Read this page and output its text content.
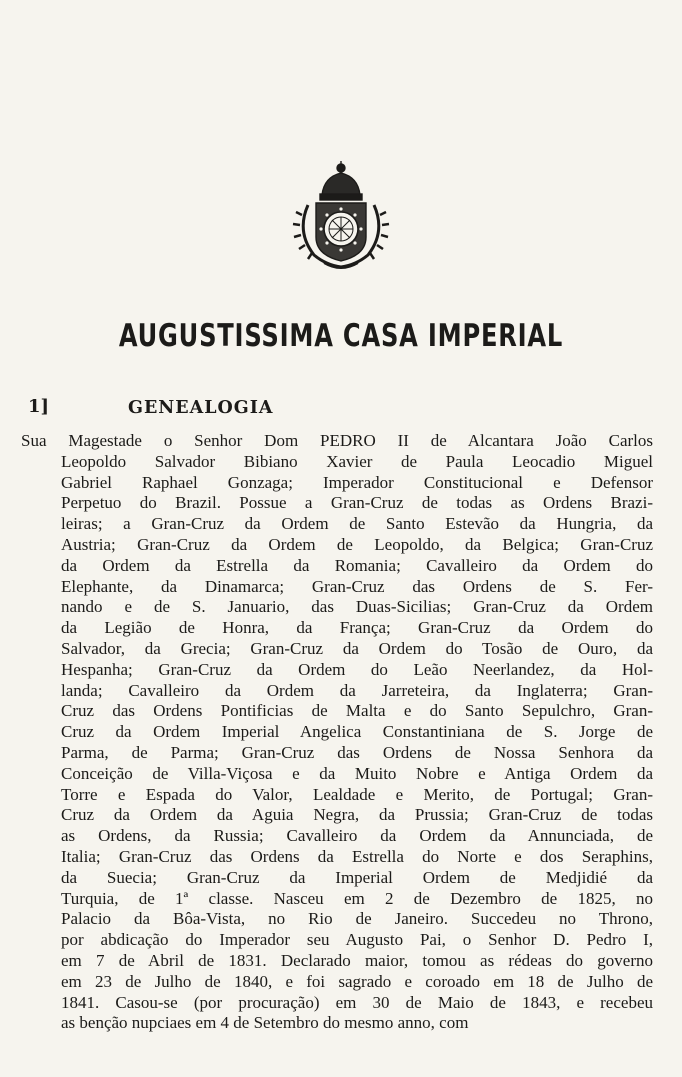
AUGUSTISSIMA CASA IMPERIAL
1]	GENEALOGIA
Sua Magestade o Senhor Dom PEDRO II de Alcantara João Carlos
Leopoldo Salvador Bibiano Xavier de Paula Leocadio Miguel
Gabriel Raphael Gonzaga; Imperador Constitucional e Defensor
Perpetuo do Brazil. Possue a Gran-Cruz de todas as Ordens Brazi-
leiras; a Gran-Cruz da Ordem de Santo Estevão da Hungria, da
Austria; Gran-Cruz da Ordem de Leopoldo, da Belgica; Gran-Cruz
da Ordem da Estrella da Romania; Cavalleiro da Ordem do
Elephante, da Dinamarca; Gran-Cruz das Ordens de S. Fer-
nando e de S. Januario, das Duas-Sicilias; Gran-Cruz da Ordem
da Legião de Honra, da França; Gran-Cruz da Ordem do
Salvador, da Grecia; Gran-Cruz da Ordem do Tosão de Ouro, da
Hespanha; Gran-Cruz da Ordem do Leão Neerlandez, da Hol-
landa; Cavalleiro da Ordem da Jarreteira, da Inglaterra; Gran-
Cruz das Ordens Pontificias de Malta e do Santo Sepulchro, Gran-
Cruz da Ordem Imperial Angelica Constantiniana de S. Jorge de
Parma, de Parma; Gran-Cruz das Ordens de Nossa Senhora da
Conceição de Villa-Viçosa e da Muito Nobre e Antiga Ordem da
Torre e Espada do Valor, Lealdade e Merito, de Portugal; Gran-
Cruz da Ordem da Aguia Negra, da Prussia; Gran-Cruz de todas
as Ordens, da Russia; Cavalleiro da Ordem da Annunciada, de
Italia; Gran-Cruz das Ordens da Estrella do Norte e dos Seraphins,
da Suecia; Gran-Cruz da Imperial Ordem de Medjidié da
Turquia, de 1ª classe. Nasceu em 2 de Dezembro de 1825, no
Palacio da Bôa-Vista, no Rio de Janeiro. Succedeu no Throno,
por abdicação do Imperador seu Augusto Pai, o Senhor D. Pedro I,
em 7 de Abril de 1831. Declarado maior, tomou as rédeas do governo
em 23 de Julho de 1840, e foi sagrado e coroado em 18 de Julho de
1841. Casou-se (por procuração) em 30 de Maio de 1843, e recebeu
as benção nupciaes em 4 de Setembro do mesmo anno, com
